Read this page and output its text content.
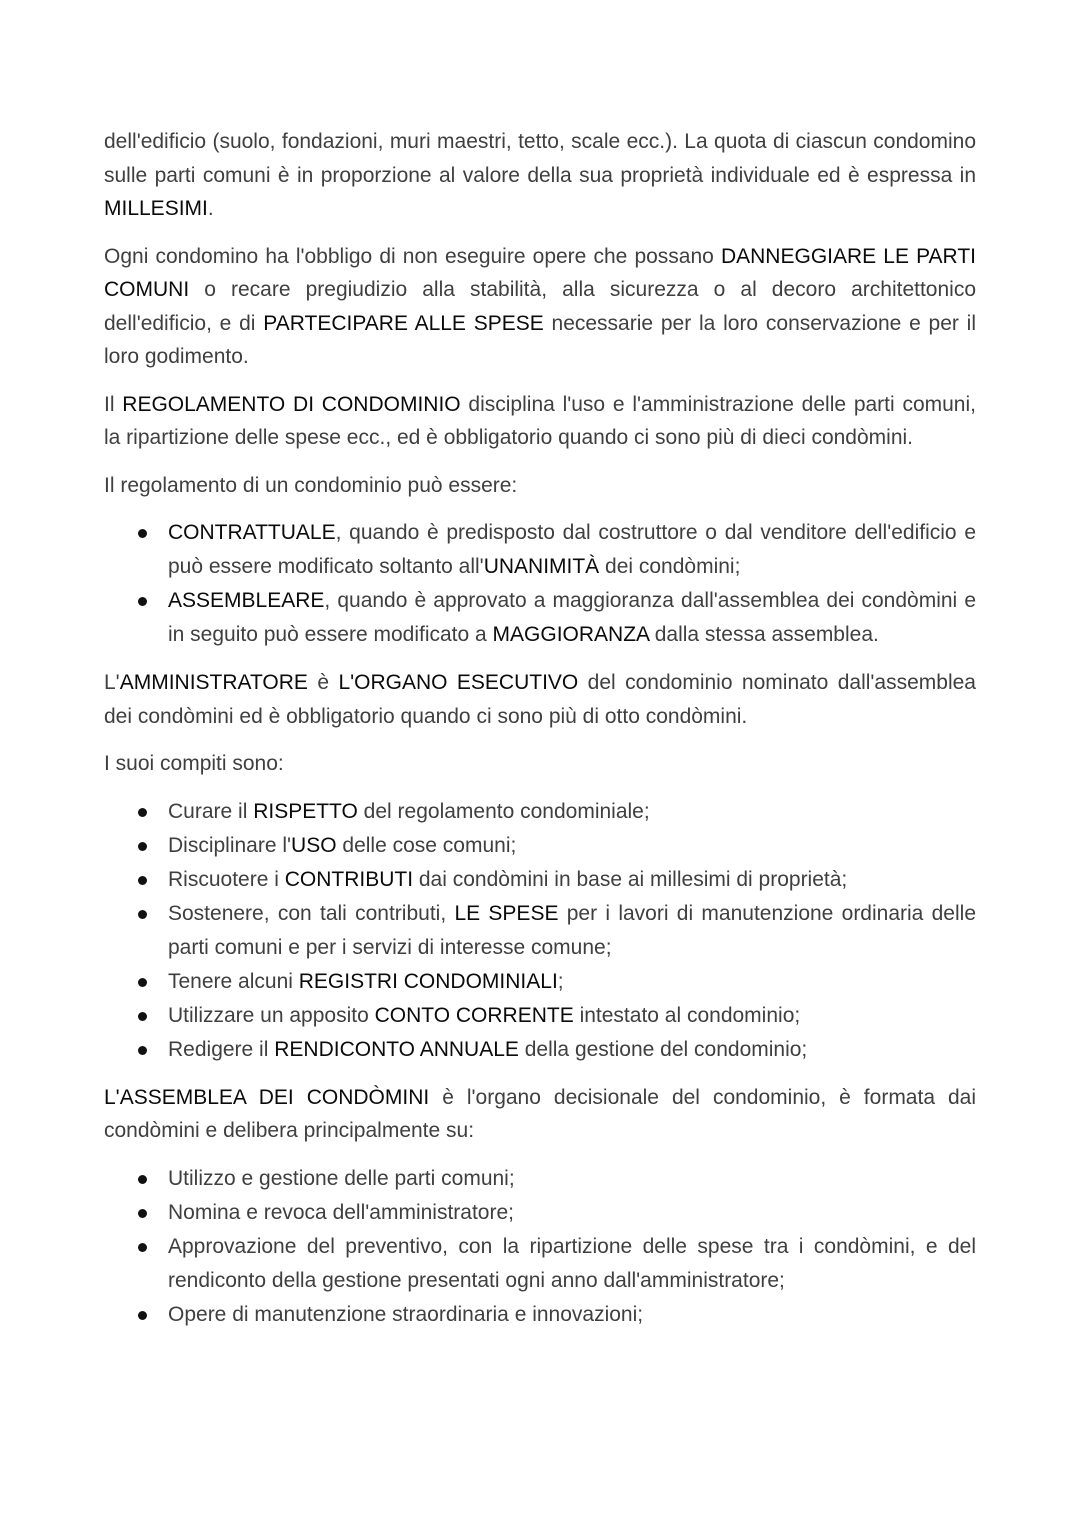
dell'edificio (suolo, fondazioni, muri maestri, tetto, scale ecc.). La quota di ciascun condomino sulle parti comuni è in proporzione al valore della sua proprietà individuale ed è espressa in MILLESIMI.

Ogni condomino ha l'obbligo di non eseguire opere che possano DANNEGGIARE LE PARTI COMUNI o recare pregiudizio alla stabilità, alla sicurezza o al decoro architettonico dell'edificio, e di PARTECIPARE ALLE SPESE necessarie per la loro conservazione e per il loro godimento.

Il REGOLAMENTO DI CONDOMINIO disciplina l'uso e l'amministrazione delle parti comuni, la ripartizione delle spese ecc., ed è obbligatorio quando ci sono più di dieci condòmini.

Il regolamento di un condominio può essere:

CONTRATTUALE, quando è predisposto dal costruttore o dal venditore dell'edificio e può essere modificato soltanto all'UNANIMITÀ dei condòmini;
ASSEMBLEARE, quando è approvato a maggioranza dall'assemblea dei condòmini e in seguito può essere modificato a MAGGIORANZA dalla stessa assemblea.

L'AMMINISTRATORE è L'ORGANO ESECUTIVO del condominio nominato dall'assemblea dei condòmini ed è obbligatorio quando ci sono più di otto condòmini.

I suoi compiti sono:

Curare il RISPETTO del regolamento condominiale;
Disciplinare l'USO delle cose comuni;
Riscuotere i CONTRIBUTI dai condòmini in base ai millesimi di proprietà;
Sostenere, con tali contributi, LE SPESE per i lavori di manutenzione ordinaria delle parti comuni e per i servizi di interesse comune;
Tenere alcuni REGISTRI CONDOMINIALI;
Utilizzare un apposito CONTO CORRENTE intestato al condominio;
Redigere il RENDICONTO ANNUALE della gestione del condominio;

L'ASSEMBLEA DEI CONDÒMINI è l'organo decisionale del condominio, è formata dai condòmini e delibera principalmente su:

Utilizzo e gestione delle parti comuni;
Nomina e revoca dell'amministratore;
Approvazione del preventivo, con la ripartizione delle spese tra i condòmini, e del rendiconto della gestione presentati ogni anno dall'amministratore;
Opere di manutenzione straordinaria e innovazioni;
